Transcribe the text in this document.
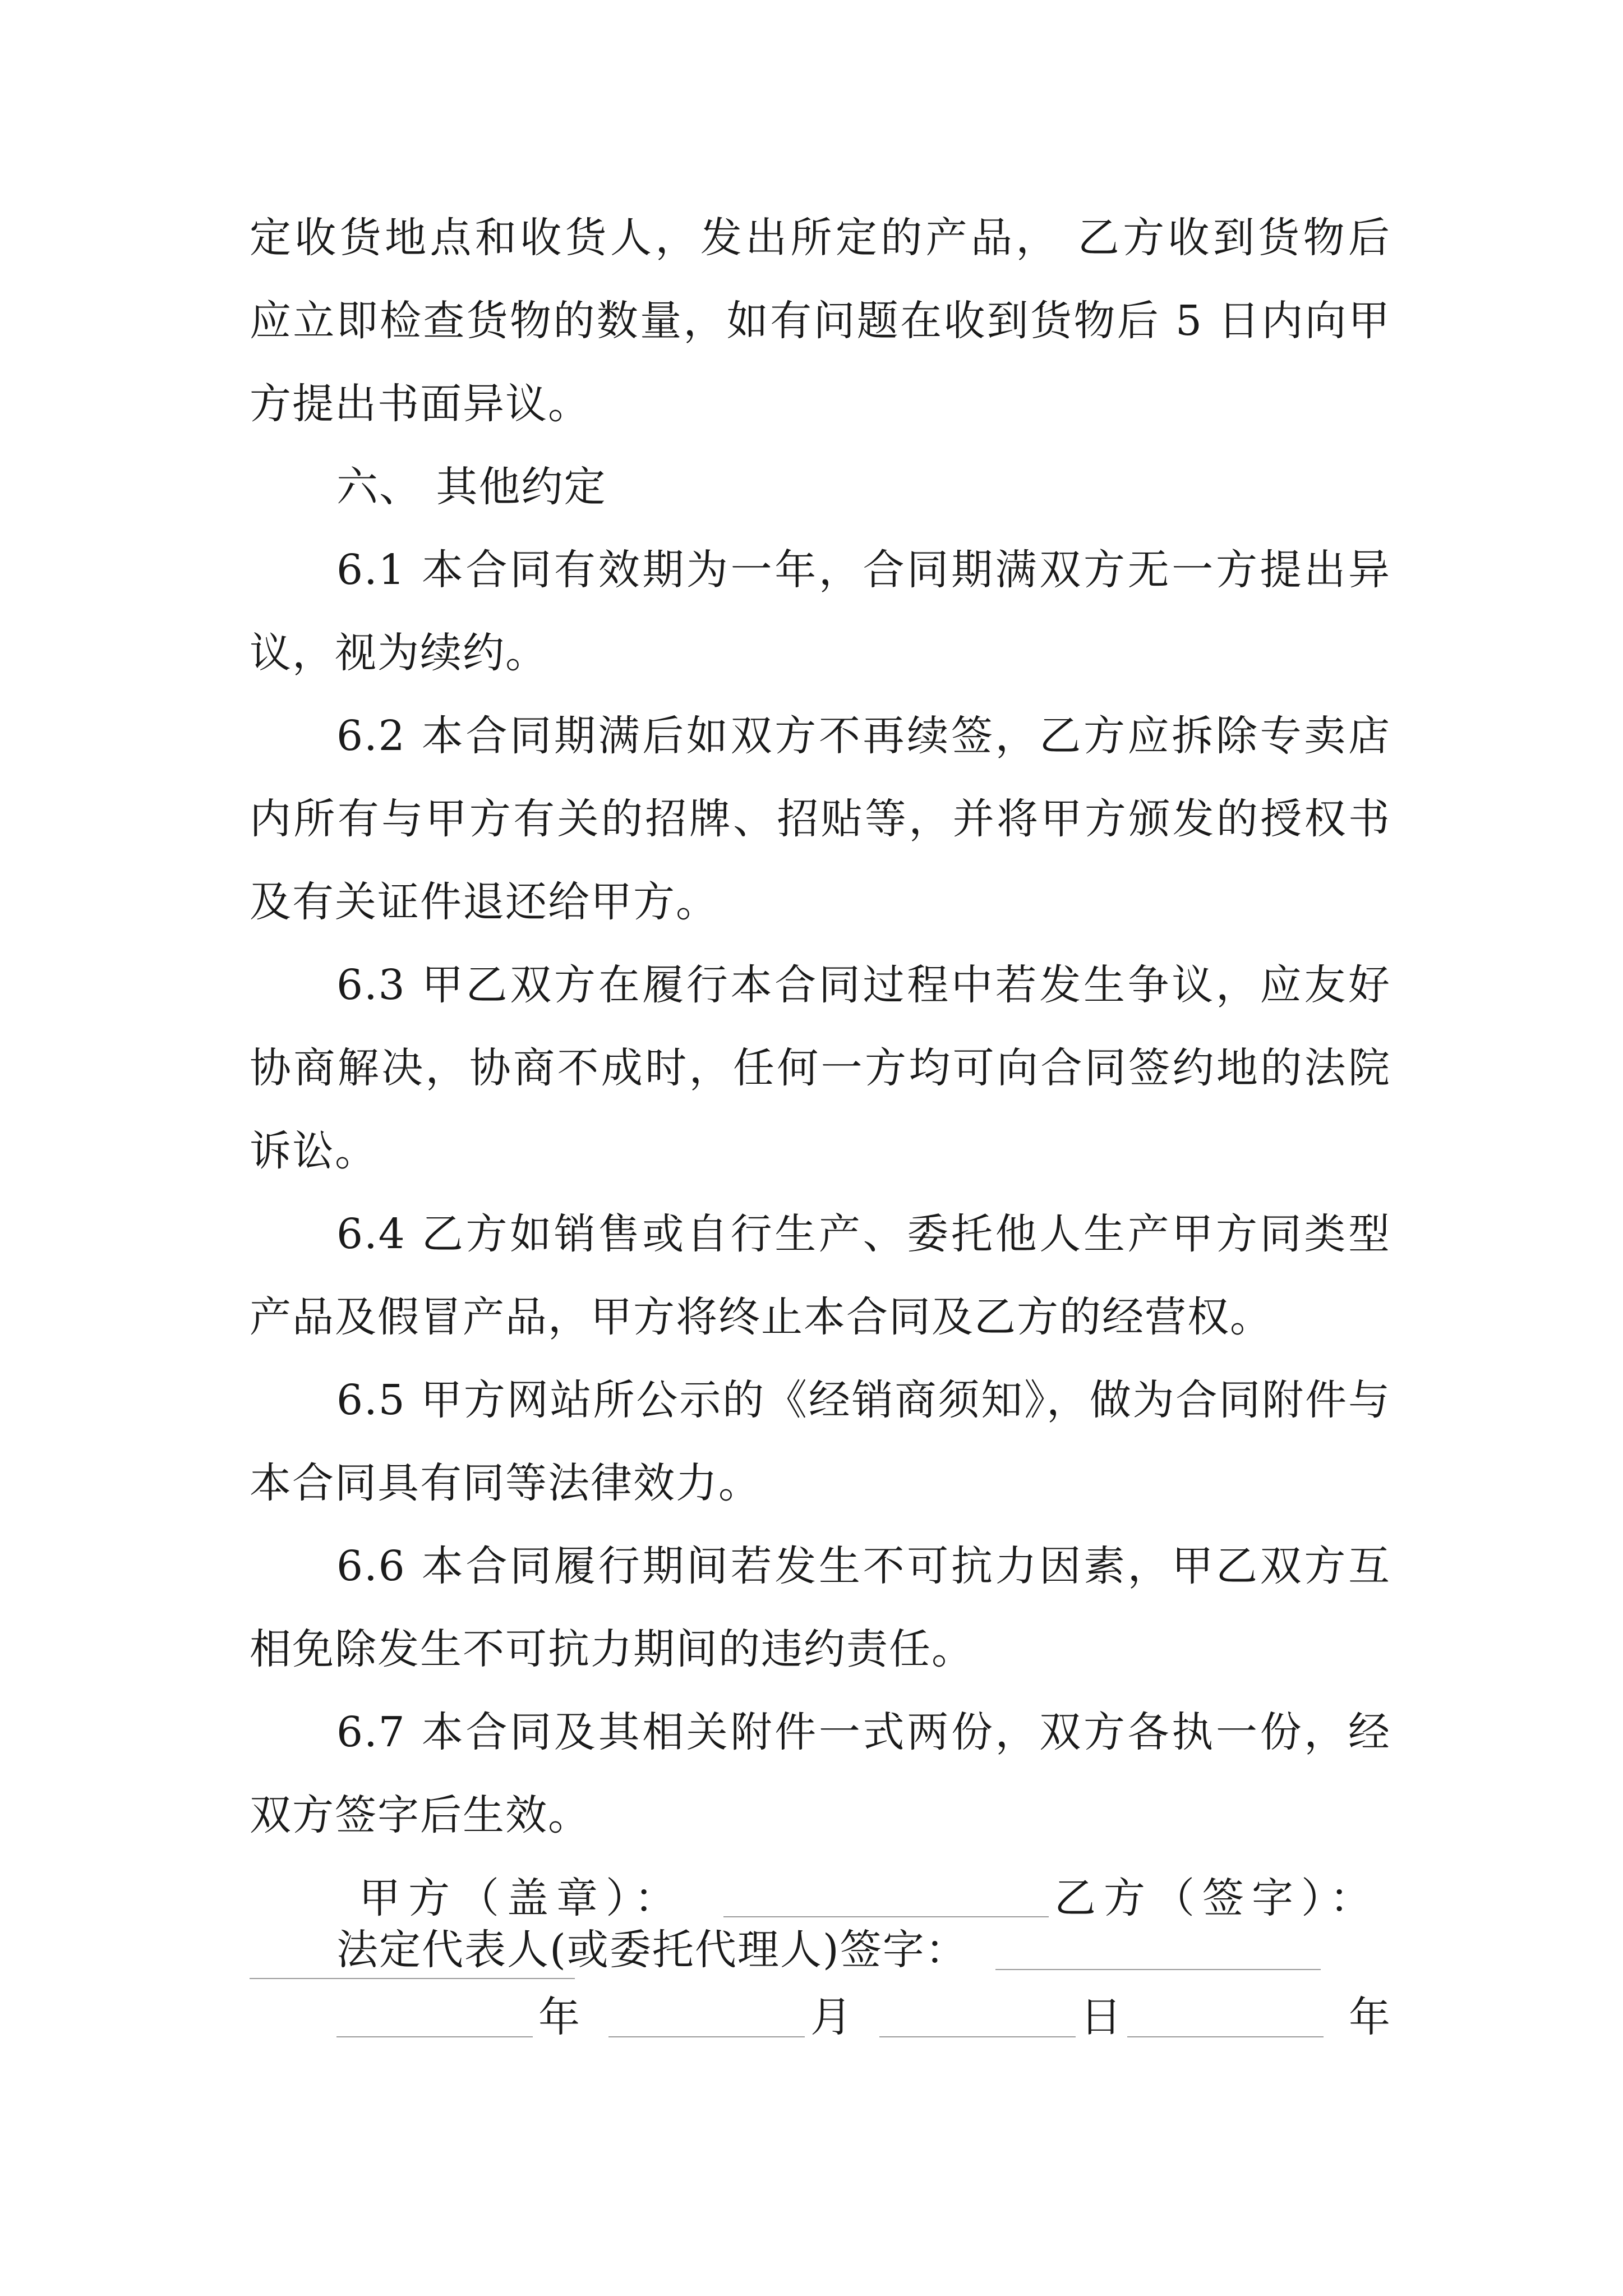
定收货地点和收货人，发出所定的产品， 乙方收到货物后
应立即检查货物的数量，如有问题在收到货物后 5 日内向甲
方提出书面异议。
六、 其他约定
6.1 本合同有效期为一年，合同期满双方无一方提出异
议，视为续约。
6.2 本合同期满后如双方不再续签，乙方应拆除专卖店
内所有与甲方有关的招牌、招贴等，并将甲方颁发的授权书
及有关证件退还给甲方。
6.3 甲乙双方在履行本合同过程中若发生争议，应友好
协商解决，协商不成时，任何一方均可向合同签约地的法院
诉讼。
6.4 乙方如销售或自行生产、委托他人生产甲方同类型
产品及假冒产品，甲方将终止本合同及乙方的经营权。
6.5 甲方网站所公示的《经销商须知》，做为合同附件与
本合同具有同等法律效力。
6.6 本合同履行期间若发生不可抗力因素，甲乙双方互
相免除发生不可抗力期间的违约责任。
6.7 本合同及其相关附件一式两份，双方各执一份，经
双方签字后生效。
甲方（盖章）：	乙方（签字）：
法定代表人(或委托代理人)签字：
年	月	日	年
